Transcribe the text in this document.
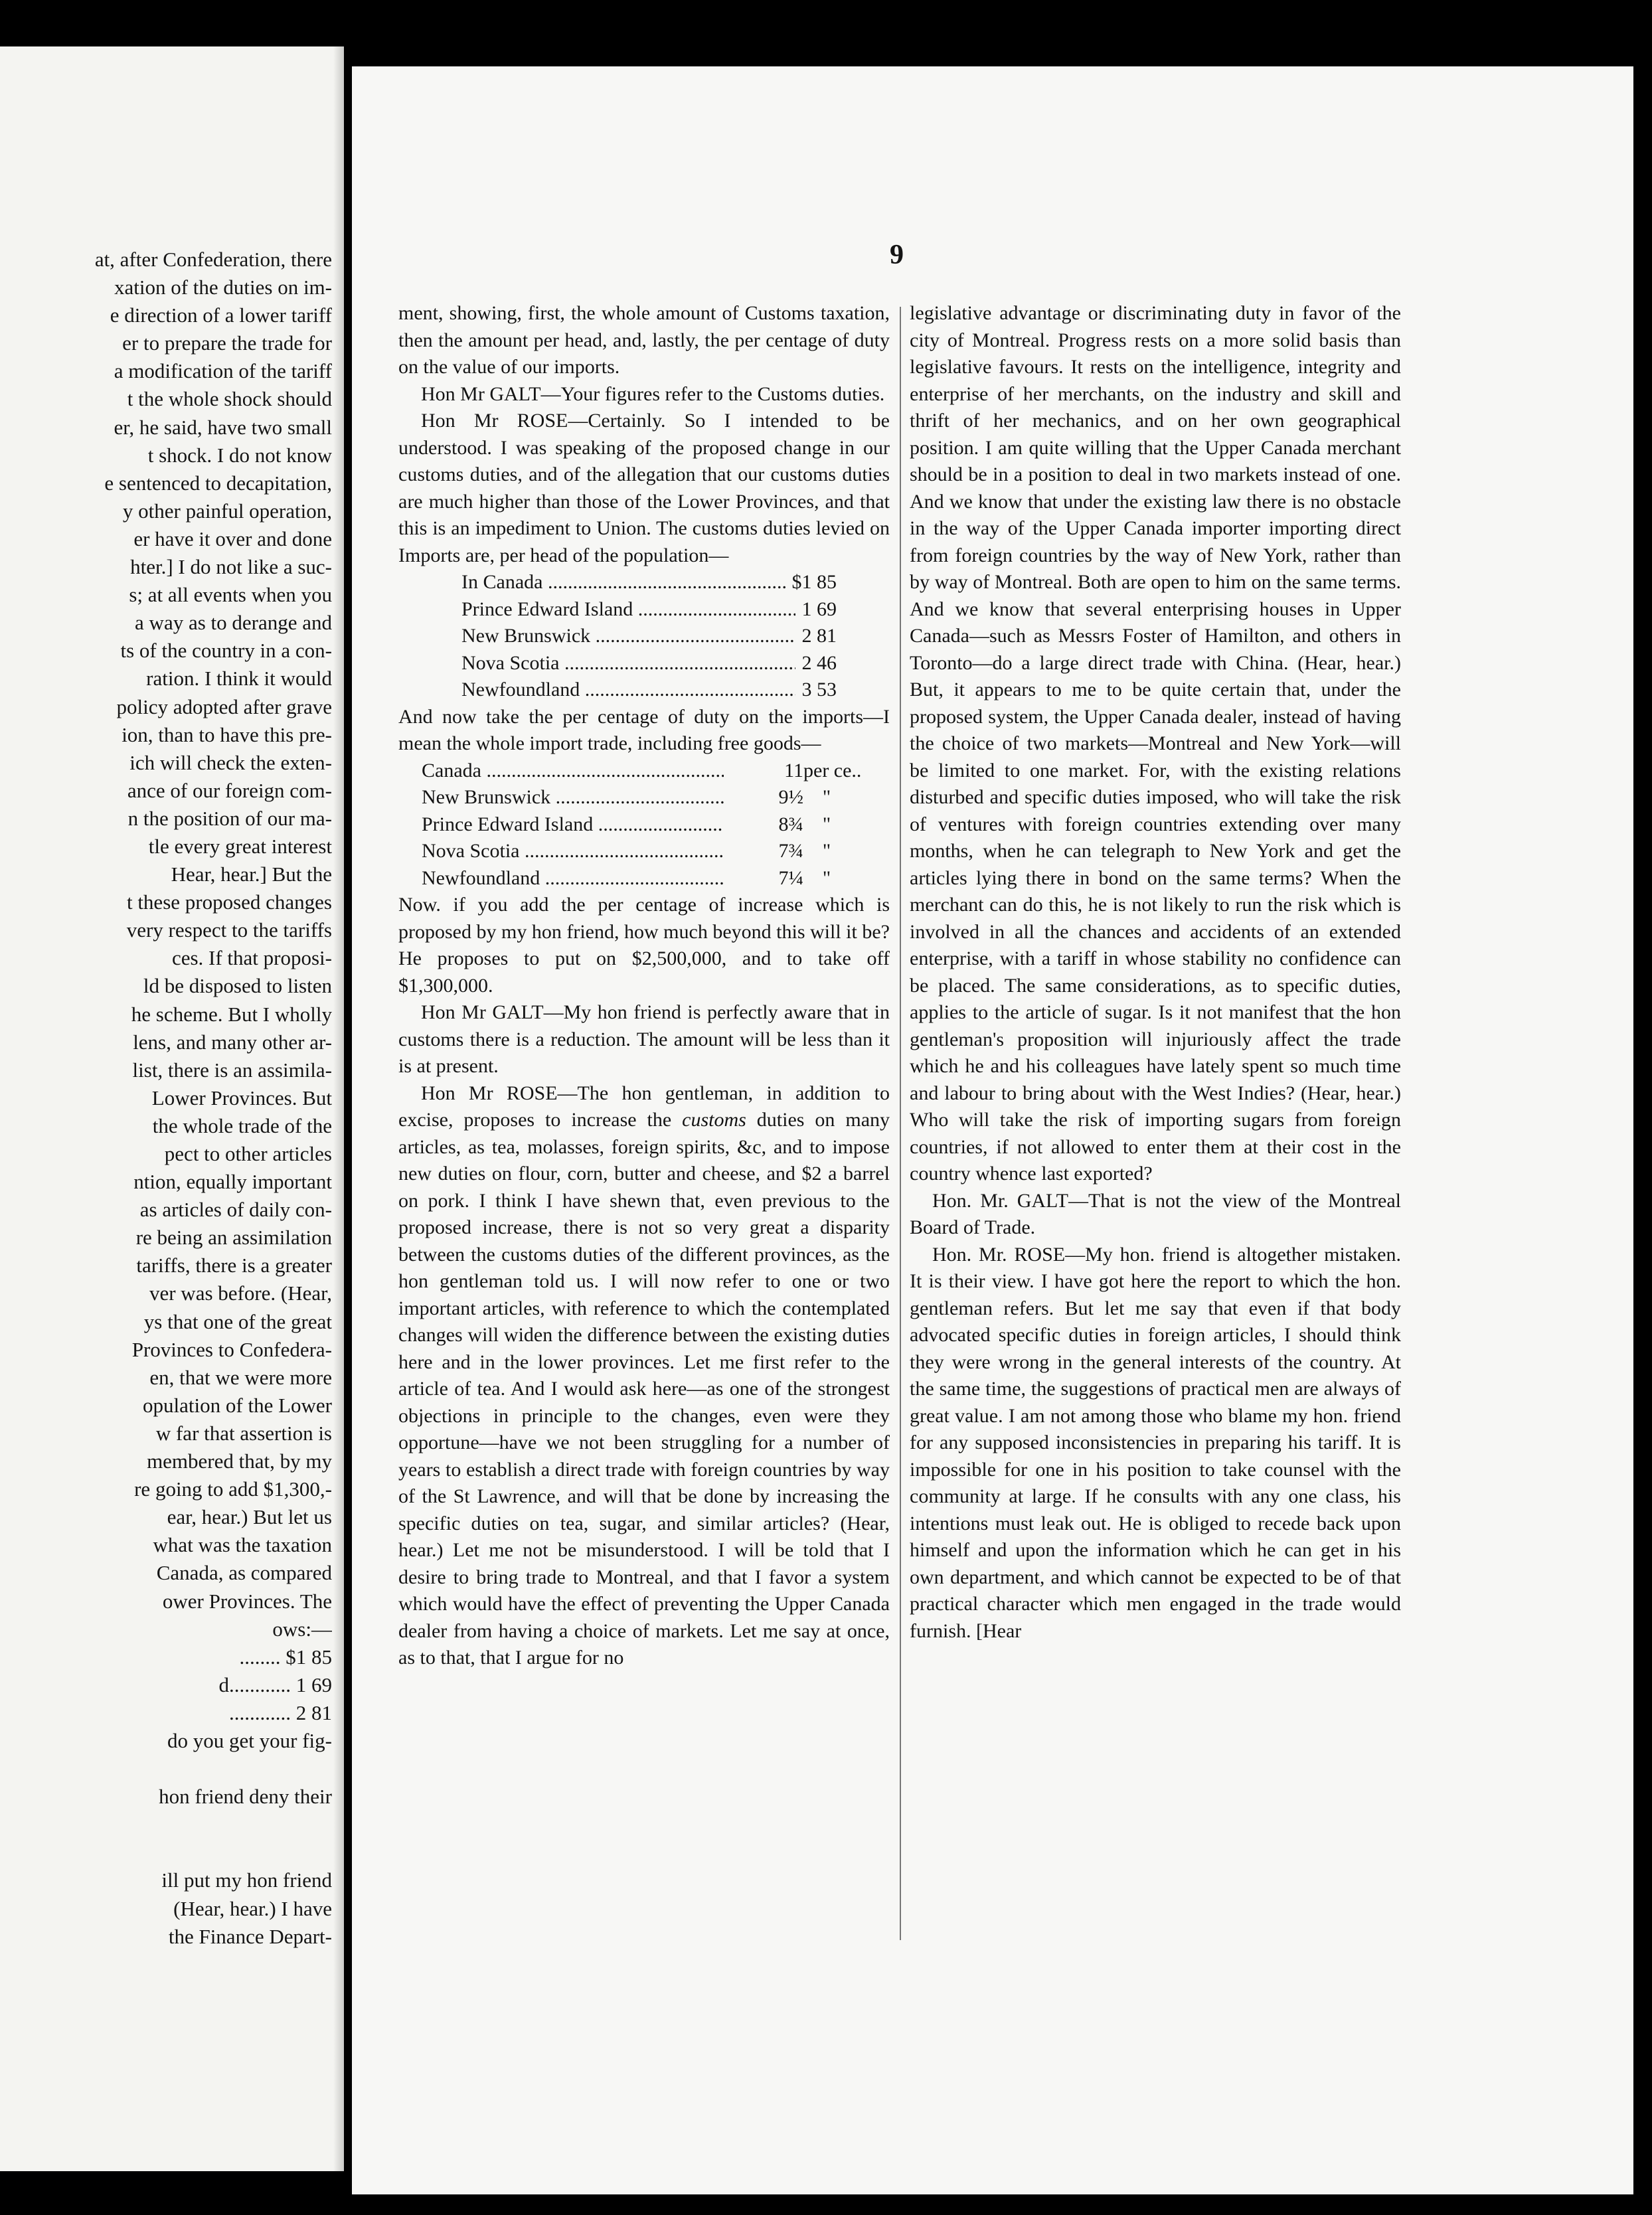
at, after Confederation, there
xation of the duties on im-
e direction of a lower tariff
er to prepare the trade for
a modification of the tariff
t the whole shock should
er, he said, have two small
t shock. I do not know
e sentenced to decapitation,
y other painful operation,
er have it over and done
hter.] I do not like a suc-
s; at all events when you
a way as to derange and
ts of the country in a con-
ration. I think it would
policy adopted after grave
ion, than to have this pre-
ich will check the exten-
ance of our foreign com-
n the position of our ma-
tle every great interest
Hear, hear.] But the
t these proposed changes
very respect to the tariffs
ces. If that proposi-
ld be disposed to listen
he scheme. But I wholly
lens, and many other ar-
list, there is an assimila-
Lower Provinces. But
the whole trade of the
pect to other articles
ntion, equally important
as articles of daily con-
re being an assimilation
tariffs, there is a greater
ver was before. (Hear,
ys that one of the great
Provinces to Confedera-
en, that we were more
opulation of the Lower
w far that assertion is
membered that, by my
re going to add $1,300,-
ear, hear.) But let us
what was the taxation
Canada, as compared
ower Provinces. The
ows:—
........ $1 85
d............ 1 69
............ 2 81
do you get your fig-
hon friend deny their
ill put my hon friend
(Hear, hear.) I have
the Finance Depart-
9

ment, showing, first, the whole amount of Customs taxation, then the amount per head, and, lastly, the per centage of duty on the value of our imports.

Hon Mr GALT—Your figures refer to the Customs duties.

Hon Mr ROSE—Certainly. So I intended to be understood. I was speaking of the proposed change in our customs duties, and of the allegation that our customs duties are much higher than those of the Lower Provinces, and that this is an impediment to Union. The customs duties levied on Imports are, per head of the population—

In Canada .....	$1 85
Prince Edward Island .....	1 69
New Brunswick .....	2 81
Nova Scotia .....	2 46
Newfoundland .....	3 53

And now take the per centage of duty on the imports—I mean the whole import trade, including free goods—

Canada .....	11 per ce..
New Brunswick .....	9½ "
Prince Edward Island .....	8¾ "
Nova Scotia .....	7¾ "
Newfoundland .....	7¼ "

Now. if you add the per centage of increase which is proposed by my hon friend, how much beyond this will it be? He proposes to put on $2,500,000, and to take off $1,300,000.

Hon Mr GALT—My hon friend is perfectly aware that in customs there is a reduction. The amount will be less than it is at present.

Hon Mr ROSE—The hon gentleman, in addition to excise, proposes to increase the customs duties on many articles, as tea, molasses, foreign spirits, &c, and to impose new duties on flour, corn, butter and cheese, and $2 a barrel on pork. I think I have shewn that, even previous to the proposed increase, there is not so very great a disparity between the customs duties of the different provinces, as the hon gentleman told us. I will now refer to one or two important articles, with reference to which the contemplated changes will widen the difference between the existing duties here and in the lower provinces. Let me first refer to the article of tea. And I would ask here—as one of the strongest objections in principle to the changes, even were they opportune—have we not been struggling for a number of years to establish a direct trade with foreign countries by way of the St Lawrence, and will that be done by increasing the specific duties on tea, sugar, and similar articles? (Hear, hear.) Let me not be misunderstood. I will be told that I desire to bring trade to Montreal, and that I favor a system which would have the effect of preventing the Upper Canada dealer from having a choice of markets. Let me say at once, as to that, that I argue for no

legislative advantage or discriminating duty in favor of the city of Montreal. Progress rests on a more solid basis than legislative favours. It rests on the intelligence, integrity and enterprise of her merchants, on the industry and skill and thrift of her mechanics, and on her own geographical position. I am quite willing that the Upper Canada merchant should be in a position to deal in two markets instead of one. And we know that under the existing law there is no obstacle in the way of the Upper Canada importer importing direct from foreign countries by the way of New York, rather than by way of Montreal. Both are open to him on the same terms. And we know that several enterprising houses in Upper Canada—such as Messrs Foster of Hamilton, and others in Toronto—do a large direct trade with China. (Hear, hear.) But, it appears to me to be quite certain that, under the proposed system, the Upper Canada dealer, instead of having the choice of two markets—Montreal and New York—will be limited to one market. For, with the existing relations disturbed and specific duties imposed, who will take the risk of ventures with foreign countries extending over many months, when he can telegraph to New York and get the articles lying there in bond on the same terms? When the merchant can do this, he is not likely to run the risk which is involved in all the chances and accidents of an extended enterprise, with a tariff in whose stability no confidence can be placed. The same considerations, as to specific duties, applies to the article of sugar. Is it not manifest that the hon gentleman's proposition will injuriously affect the trade which he and his colleagues have lately spent so much time and labour to bring about with the West Indies? (Hear, hear.) Who will take the risk of importing sugars from foreign countries, if not allowed to enter them at their cost in the country whence last exported?

Hon. Mr. GALT—That is not the view of the Montreal Board of Trade.

Hon. Mr. ROSE—My hon. friend is altogether mistaken. It is their view. I have got here the report to which the hon. gentleman refers. But let me say that even if that body advocated specific duties in foreign articles, I should think they were wrong in the general interests of the country. At the same time, the suggestions of practical men are always of great value. I am not among those who blame my hon. friend for any supposed inconsistencies in preparing his tariff. It is impossible for one in his position to take counsel with the community at large. If he consults with any one class, his intentions must leak out. He is obliged to recede back upon himself and upon the information which he can get in his own department, and which cannot be expected to be of that practical character which men engaged in the trade would furnish. [Hear
